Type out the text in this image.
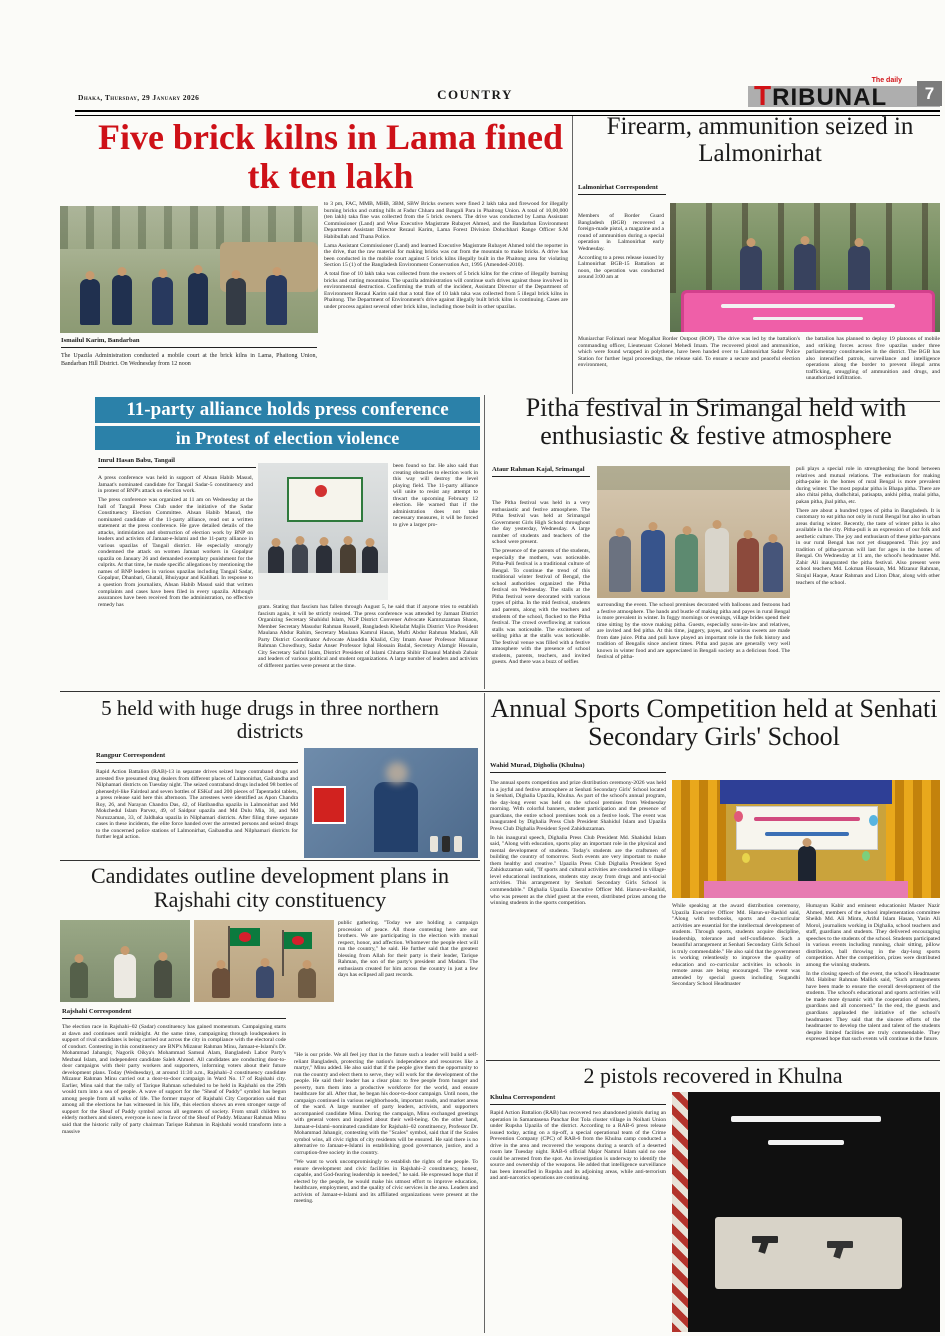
Dhaka, Thursday, 29 January 2026	COUNTRY
The daily
TRIBUNAL	7
Five brick kilns in Lama fined tk ten lakh

to 3 pm, FAC, MMB, MHB, 3BM, SBW Bricks owners were fined 2 lakh taka and firewood for illegally burning bricks and cutting hills at Fadur Chhara and Bangali Para in Phaitong Union. A total of 10,00,000 (ten lakh) taka fine was collected from the 5 brick owners. The drive was conducted by Lama Assistant Commissioner (Land) and Wise Executive Magistrate Rubayet Ahmed, and the Bandarban Environment Department Assistant Director Rezaul Karim, Lama Forest Division Doluchhari Range Officer S.M Habibullah and Thana Police.

Lama Assistant Commissioner (Land) and learned Executive Magistrate Rubayet Ahmed told the reporter in the drive, that the raw material for making bricks was cut from the mountain to make bricks. A drive has been conducted in the mobile court against 5 brick kilns illegally built in the Phaitong area for violating Section 15 (1) of the Bangladesh Environment Conservation Act, 1995 (Amended-2010).

A total fine of 10 lakh taka was collected from the owners of 5 brick kilns for the crime of illegally burning bricks and cutting mountains. The upazila administration will continue such drives against those involved in environmental destruction. Confirming the truth of the incident, Assistant Director of the Department of Environment Rezaul Karim said that a total fine of 10 lakh taka was collected from 5 illegal brick kilns in Phaitong. The Department of Environment's drive against illegally built brick kilns is continuing. Cases are under process against several other brick kilns, including those built in other upazilas.

Ismailul Karim, Bandarban
The Upazila Administration conducted a mobile court at the brick kilns in Lama, Phaitong Union, Bandarban Hill District. On Wednesday from 12 noon
Firearm, ammunition seized in Lalmonirhat
Lalmonirhat Correspondent

Members of Border Guard Bangladesh (BGB) recovered a foreign-made pistol, a magazine and a round of ammunition during a special operation in Lalmonirhat early Wednesday.

According to a press release issued by Lalmonirhat BGB-15 Battalion at noon, the operation was conducted around 3:00 am at

Muniarchar Folimari near Mogalhat Border Outpost (BOP). The drive was led by the battalion's commanding officer, Lieutenant Colonel Mehedi Imam. The recovered pistol and ammunition, which were found wrapped in polythene, have been handed over to Lalmonirhat Sadar Police Station for further legal proceedings, the release said. To ensure a secure and peaceful election environment,

the battalion has planned to deploy 19 platoons of mobile and striking forces across five upazilas under three parliamentary constituencies in the district. The BGB has also intensified patrols, surveillance and intelligence operations along the border to prevent illegal arms trafficking, smuggling of ammunition and drugs, and unauthorized infiltration.

11-party alliance holds press conference
in Protest of election violence
Imrul Hasan Babu, Tangail

A press conference was held in support of Ahsan Habib Masud, Jamaat's nominated candidate for Tangail Sadar-5 constituency and in protest of BNP's attack on election work.

The press conference was organized at 11 am on Wednesday at the hall of Tangail Press Club under the initiative of the Sadar Constituency Election Committee. Ahsan Habib Masud, the nominated candidate of the 11-party alliance, read out a written statement at the press conference. He gave detailed details of the attacks, intimidation and obstruction of election work by BNP on leaders and activists of Jamaat-e-Islami and the 11-party alliance in various upazilas of Tangail district. He especially strongly condemned the attack on women Jamaat workers in Gopalpur upazila on January 26 and demanded exemplary punishment for the culprits. At that time, he made specific allegations by mentioning the names of BNP leaders in various upazilas including Tangail Sadar, Gopalpur, Dhanbari, Ghatail, Bhuiyapur and Kalihati. In response to a question from journalists, Ahsan Habib Masud said that written complaints and cases have been filed in every upazila. Although assurances have been received from the administration, no effective remedy has

been found so far. He also said that creating obstacles to election work in this way will destroy the level playing field. The 11-party alliance will unite to resist any attempt to thwart the upcoming February 12 election. He warned that if the administration does not take necessary measures, it will be forced to give a larger pro-

gram. Stating that fascism has fallen through August 5, he said that if anyone tries to establish fascism again, it will be strictly resisted. The press conference was attended by Jamaat District Organizing Secretary Shahidul Islam, NCP District Convener Advocate Kamruzzaman Shaon, Member Secretary Masudur Rahman Russell, Bangladesh Khelafat Majlis District Vice President Maulana Abdur Rahim, Secretary Maulana Kamrul Hasan, Mufti Abdur Rahman Madani, AB Party District Coordinator Advocate Alauddin Khalid, City Imam Anser Professor Mizanur Rahman Chowdhury, Sadar Anser Professor Iqbal Hossain Badal, Secretary Alamgir Hossain, City Secretary Saiful Islam, District President of Islami Chhatra Shibir Ehsanul Mahbub Zubair and leaders of various political and student organizations. A large number of leaders and activists of different parties were present at the time.

Pitha festival in Srimangal held with enthusiastic & festive atmosphere
Ataur Rahman Kajal, Srimangal

The Pitha festival was held in a very enthusiastic and festive atmosphere. The Pitha festival was held at Srimangal Government Girls High School throughout the day yesterday, Wednesday. A large number of students and teachers of the school were present.

The presence of the parents of the students, especially the mothers, was noticeable. Pitha-Puli festival is a traditional culture of Bengal. To continue the trend of this traditional winter festival of Bengal, the school authorities organized the Pitha festival on Wednesday. The stalls at the Pitha festival were decorated with various types of pitha. In the mid festival, students and parents, along with the teachers and students of the school, flocked to the Pitha festival. The crowd overflowing at various stalls was noticeable. The excitement of selling pitha at the stalls was noticeable. The festival venue was filled with a festive atmosphere with the presence of school students, parents, teachers, and invited guests. And there was a buzz of selfies

surrounding the event. The school premises decorated with balloons and festoons had a festive atmosphere. The hands and bustle of making pitha and payes in rural Bengal is more prevalent in winter. In foggy mornings or evenings, village brides spend their time sitting by the stove making pitha. Guests, especially sons-in-law and relatives, are invited and fed pitha. At this time, jaggery, payes, and various sweets are made from date juice. Pitha and puli have played an important role in the folk history and tradition of Bengalis since ancient times. Pitha and payas are generally very well known in winter food and are appreciated in Bengali society as a delicious food. The festival of pitha-

puli plays a special role in strengthening the bond between relatives and mutual relations. The enthusiasm for making pitha-paise in the homes of rural Bengal is more prevalent during winter. The most popular pitha is Bhapa pitha. There are also chitai pitha, dudhchitai, patisapta, ankhi pitha, malai pitha, pakan pitha, jhal pitha, etc.

There are about a hundred types of pitha in Bangladesh. It is customary to eat pitha not only in rural Bengal but also in urban areas during winter. Recently, the taste of winter pitha is also available in the city. Pitha-puli is an expression of our folk and aesthetic culture. The joy and enthusiasm of these pitha-parvans in our rural Bengal has not yet disappeared. This joy and tradition of pitha-parvan will last for ages in the homes of Bengal. On Wednesday at 11 am, the school's headmaster Md. Zahir Ali inaugurated the pitha festival. Also present were school teachers Md. Lokman Hossain, Md. Mizanur Rahman, Sirajul Haque, Ataur Rahman and Liton Dhar, along with other teachers of the school.

5 held with huge drugs in three northern districts
Rangpur Correspondent

Rapid Action Battalion (RAB)-13 in separate drives seized huge contraband drugs and arrested five presumed drug dealers from different places of Lalmonirhat, Gaibandha and Nilphamari districts on Tuesday night. The seized contraband drugs included 98 bottles of phensedyl-like Fairdeal and seven bottles of ESKuf and 200 pieces of Tapentadol tablets, a press release said here this afternoon. The arrestees were identified as Apon Chandra Roy, 26, and Narayan Chandra Das, 42, of Hatibandha upazila in Lalmonirhat and Md Mokchedul Islam Parvez, 49, of Saidpur upazila and Md Dulu Mia, 36, and Md Nuruzzaman, 33, of Jaldhaka upazila in Nilphamari districts. After filing three separate cases in these incidents, the elite force handed over the arrested persons and seized drugs to the concerned police stations of Lalmonirhat, Gaibandha and Nilphamari districts for further legal action.

Candidates outline development plans in Rajshahi city constituency

public gathering. "Today we are holding a campaign procession of peace. All those contesting here are our brothers. We are participating in the election with mutual respect, honor, and affection. Whomever the people elect will run the country," he said. He further said that the greatest blessing from Allah for their party is their leader, Tarique Rahman, the son of the party's president and Madam. The enthusiasm created for him across the country in just a few days has eclipsed all past records.

Rajshahi Correspondent

The election race in Rajshahi–02 (Sadar) constituency has gained momentum. Campaigning starts at dawn and continues until midnight. At the same time, campaigning through loudspeakers in support of rival candidates is being carried out across the city in compliance with the electoral code of conduct. Contesting in this constituency are BNP's Mizanur Rahman Minu, Jamaat-e-Islami's Dr. Mohammad Jahangir, Nagorik Oikya's Mohammad Samsul Alam, Bangladesh Labor Party's Mezbaul Islam, and independent candidate Saleh Ahmed. All candidates are conducting door-to-door campaigns with their party workers and supporters, informing voters about their future development plans. Today (Wednesday), at around 11:30 a.m., Rajshahi–2 constituency candidate Mizanur Rahman Minu carried out a door-to-door campaign in Ward No. 17 of Rajshahi city. Earlier, Minu said that the rally of Tarique Rahman scheduled to be held in Rajshahi on the 29th would turn into a sea of people. A wave of support for the "Sheaf of Paddy" symbol has begun among people from all walks of life. The former mayor of Rajshahi City Corporation said that among all the elections he has witnessed in his life, this election shows an even stronger surge of support for the Sheaf of Paddy symbol across all segments of society. From small children to elderly mothers and sisters, everyone is now in favor of the Sheaf of Paddy. Mizanur Rahman Minu said that the historic rally of party chairman Tarique Rahman in Rajshahi would transform into a massive

"He is our pride. We all feel joy that in the future such a leader will build a self-reliant Bangladesh, protecting the nation's independence and resources like a martyr," Minu added. He also said that if the people give them the opportunity to run the country and elect them to serve, they will work for the development of the people. He said their leader has a clear plan: to free people from hunger and poverty, turn them into a productive workforce for the world, and ensure healthcare for all. After that, he began his door-to-door campaign. Until noon, the campaign continued in various neighborhoods, important roads, and market areas of the ward. A large number of party leaders, activists, and supporters accompanied candidate Minu. During the campaign, Minu exchanged greetings with general voters and inquired about their well-being. On the other hand, Jamaat-e-Islami–nominated candidate for Rajshahi–02 constituency, Professor Dr. Mohammad Jahangir, contesting with the "Scales" symbol, said that if the Scales symbol wins, all civic rights of city residents will be ensured. He said there is no alternative to Jamaat-e-Islami in establishing good governance, justice, and a corruption-free society in the country.

"We want to work uncompromisingly to establish the rights of the people. To ensure development and civic facilities in Rajshahi–2 constituency, honest, capable, and God-fearing leadership is needed," he said. He expressed hope that if elected by the people, he would make his utmost effort to improve education, healthcare, employment, and the quality of civic services in the area. Leaders and activists of Jamaat-e-Islami and its affiliated organizations were present at the meeting.

Annual Sports Competition held at Senhati Secondary Girls' School
Wahid Murad, Digholia (Khulna)

The annual sports competition and prize distribution ceremony-2026 was held in a joyful and festive atmosphere at Senhati Secondary Girls' School located in Senhati, Dighalia Upazila, Khulna. As part of the school's annual program, the day-long event was held on the school premises from Wednesday morning. With colorful banners, student participation and the presence of guardians, the entire school premises took on a festive look. The event was inaugurated by Dighalia Press Club President Shahidul Islam and Upazila Press Club Dighalia President Syed Zahiduzzaman.

In his inaugural speech, Dighalia Press Club President Md. Shahidul Islam said, "Along with education, sports play an important role in the physical and mental development of students. Today's students are the craftsmen of building the country of tomorrow. Such events are very important to make them healthy and creative." Upazila Press Club Dighalia President Syed Zahiduzzaman said, "If sports and cultural activities are conducted in village-level educational institutions, students stay away from drugs and anti-social activities. This arrangement by Senhati Secondary Girls School is commendable." Dighalia Upazila Executive Officer Md. Harun-ur-Rashid, who was present as the chief guest at the event, distributed prizes among the winning students in the sports competition.	While speaking at the award distribution ceremony, Upazila Executive Officer Md. Harun-ur-Rashid said, "Along with textbooks, sports and co-curricular activities are essential for the intellectual development of students. Through sports, students acquire discipline, leadership, tolerance and self-confidence. Such a beautiful arrangement at Senhati Secondary Girls School is truly commendable." He also said that the government is working relentlessly to improve the quality of education and co-curricular activities in schools in remote areas are being encouraged. The event was attended by special guests including Sugandhi Secondary School Headmaster

Humayun Kabir and eminent educationist Master Nazir Ahmed, members of the school implementation committee Sheikh Md. Ali Mintu, Ariful Islam Hasan, Yasin Ali Morol, journalists working in Dighalia, school teachers and staff, guardians and students. They delivered encouraging speeches to the students of the school. Students participated in various events including running, chair sitting, pillow distribution, ball throwing in the day-long sports competition. After the competition, prizes were distributed among the winning students.

In the closing speech of the event, the school's Headmaster Md. Habibur Rahman Mallick said, "Such arrangements have been made to ensure the overall development of the students. The school's educational and sports activities will be made more dynamic with the cooperation of teachers, guardians and all concerned." In the end, the guests and guardians applauded the initiative of the school's headmaster. They said that the sincere efforts of the headmaster to develop the talent and talent of the students despite limited facilities are truly commendable. They expressed hope that such events will continue in the future.

2 pistols recovered in Khulna
Khulna Correspondent

Rapid Action Battalion (RAB) has recovered two abandoned pistols during an operation in Samantasena Panchar Bot Tola cluster village in Noihati Union under Rupsha Upazila of the district. According to a RAB-6 press release issued today, acting on a tip-off, a special operational team of the Crime Prevention Company (CPC) of RAB-6 from the Khulna camp conducted a drive in the area and recovered the weapons during a search of a deserted room late Tuesday night. RAB-6 official Major Namrul Islam said no one could be arrested from the spot. An investigation is underway to identify the source and ownership of the weapons. He added that intelligence surveillance has been intensified in Rupsha and its adjoining areas, while anti-terrorism and anti-narcotics operations are continuing.
